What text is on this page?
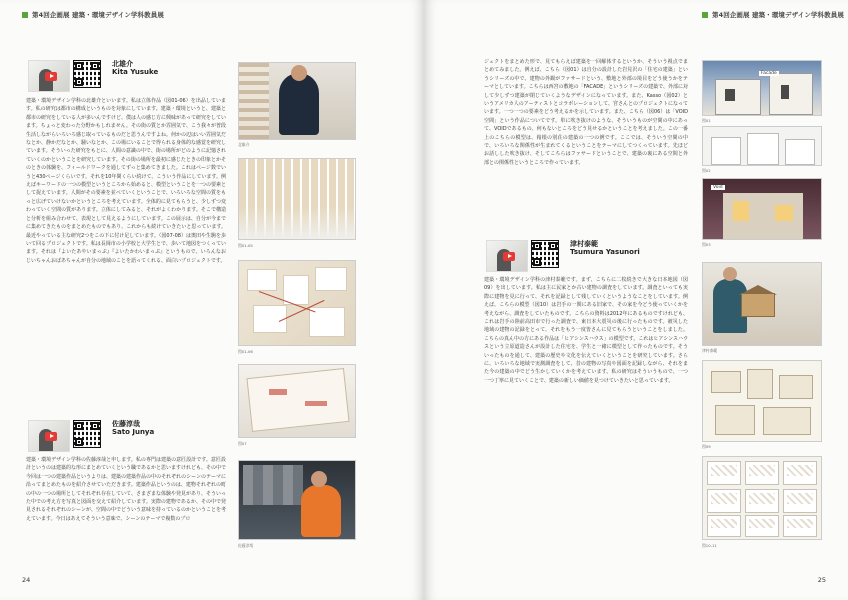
第4回企画展 建築・環境デザイン学科教員展
北雄介
Kita Yusuke
建築・環境デザイン学科の北雄介といいます。私は立体作品（図01-06）を出品しています。私の研究は都市の構成というものを対象にしています。建築・環境というと、建築と都市の研究をしている人が多いんですけど、僕は人の感じ方に興味があって研究をしています。ちょっと変わった分野かもしれません。その街の質とか雰囲気で、こう我々が普段生活しながらいろいろ感じ取っているものだと思うんですよね。何かの辺はいい雰囲気だなとか、静かだなとか、騒いなとか、この場にいることで得られる身体的な感覚を研究しています。そういった研究をもとに、人間の意識の中で、街の場所がどのように記憶されていくのかということを研究しています。その街の場所を最初に感じたときの印象とかそのときの体験を、フィールドワークを通してずっと集めてきました。これはページ数でいうと430ページくらいです。それを10年間くらい続けて、こういう作品にしています。例えばキーワードの一つの模型というところから始めると、模型ということを一つの要素として捉えています。人間がその要素を並べていくということで、いろいろな空間の質をもっと広げていけないかというところを考えています。全体的に見てもらうと、少しずつ変わっていく空間の質があります。立体にしてみると、それがよくわかります。そこで構造と分析を組み合わせて、表現として見えるようにしています。この展示は、自分が今までに集めてきたものをまとめたものでもあり、これからも続けていきたいと思っています。最近やっている主な研究2つをこの下に付け足しています。（図07-08）は奥田や生駒を歩いて回るプロジェクトです。私は長岡市の小学校と大学生とで、歩いて地図をつくっています。それは『よいたあやいまっぷ』『よいたかわいまっぷ』というもので、いろんなおじいちゃんおばあちゃんが自分の地域のことを語ってくれる、面白いプロジェクトです。
佐藤淳哉
Sato Junya
建築・環境デザイン学科の佐藤淳哉と申します。私の専門は建築の意匠設計です。意匠設計というのは建築的な形にまとめていくという職であるかと思いますけれども、その中で今回は一つの建築作品というよりは、建築の建築作品の中のそれぞれのシーンのテーマに沿ってまとめたものを紹介させていただきます。建築作品というのは、建物それぞれの町の中の一つの場所としてそれぞれ存在していて、さまざまな体験や発見があり、そういった中での考え方を写真と図面を交えて紹介しています。実際の建物であるか、その中で発見されるそれぞれのシーンが、空間の中でどういう意味を持っているのかということを考えています。今日はあえてそういう意味で、シーンのテーマで複数のプロ
北雄介
図01-05
図01-06
図07
佐藤淳哉
24
第4回企画展 建築・環境デザイン学科教員展
ジェクトをまとめた形で、見てもらえば建築を一回解体するというか、そういう視点でまとめてみました。例えば、こちら（図01）は自分の設計した岩見沢の「住宅の建築」というシリーズの中で、建物の外観がファサードという、敷地と外部の境目をどう使うかをテーマとしています。こちらは西宮の敷地の「FACADE」というシリーズの建築で、外部に対して少しずつ建築が閉じていくようなデザインになっています。また、Kasso（図02）というアメリカ人のアーティストとコラボレーションして、宮さんとのプロジェクトになっています。一つ一つの要素をどう考えるかを示しています。また、こちら（図06）は「VOID空間」という作品についてです。単に吹き抜けのような、そういうものが空間の中にあって、VOIDであるもの、何もないところをどう見せるかということを考えました。この一番上のこちらの模型は、箱根の別荘の建築の一つの例です。ここでは、そういう空間の中で、いろいろな関係性が生まれてくるということをテーマにしてつくっています。先ほどお話しした吹き抜け、そしてこちらはファサードということで、建築の裏にある空間と外部との関係性というところで作っています。
津村泰範
Tsumura Yasunori
建築・環境デザイン学科の津村泰範です。まず、こちらに二枚続きで大きな日本地図（図09）を出しています。私は主に民家とか古い建物の調査をしています。調査といっても実際に建物を見に行って、それを記録として残していくというようなことをしています。例えば、こちらの模型（図10）は岩手の一関にある旧家で、その家を今どう使っていくかを考えながら、調査をしていたものです。こちらの資料は2012年にあるものですけれども、これは岩手の陸前高田市で行った調査で、東日本大震災の後に行ったものです。被災した地域の建物の記録をとって、それをもう一度皆さんに見てもらうということをしました。こちらの真ん中の方にある作品は「ヒアシンスハウス」の模型です。これはヒアシンスハウスという立原道造さんが設計した住宅を、学生と一緒に模型として作ったものです。そういったものを通して、建築の歴史や文化を伝えていくということを研究しています。さらに、いろいろな地域で実測調査をして、昔の建物の写真や図面を記録しながら、それをまた今の建築の中でどう生かしていくかを考えています。私の研究はそういうもので、一つ一つ丁寧に見ていくことで、建築の新しい価値を見つけていきたいと思っています。
Facade
図01
図02
Void
図03
津村泰範
図09
図10-11
25
